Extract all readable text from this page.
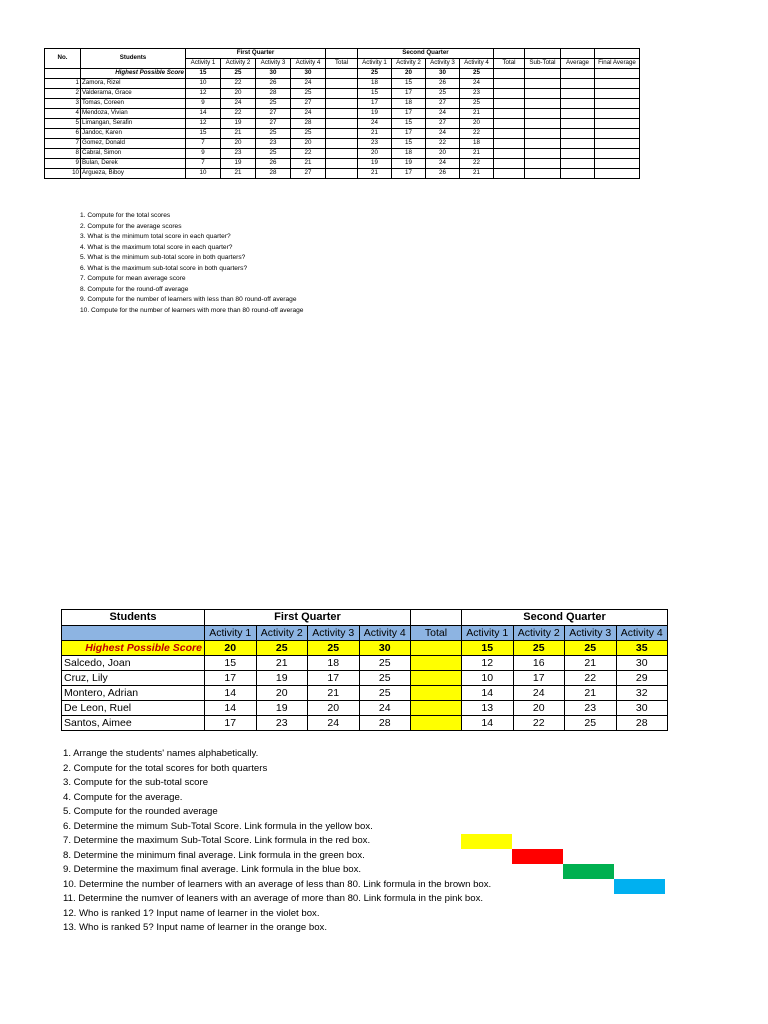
No.	Students	First Quarter					Second Quarter							
		Activity 1	Activity 2	Activity 3	Activity 4	Total	Activity 1	Activity 2	Activity 3	Activity 4	Total	Sub-Total	Average	Final Average
	Highest Possible Score	15	25	30	30		25	20	30	25				
1	Zamora, Rizel	10	22	26	24		18	15	26	24				
2	Valderama, Grace	12	20	28	25		15	17	25	23				
3	Tomas, Coreen	9	24	25	27		17	18	27	25				
4	Mendoza, Vivian	14	22	27	24		19	17	24	21				
5	Limangan, Serafin	12	19	27	28		24	15	27	20				
6	Jandoc, Karen	15	21	25	25		21	17	24	22				
7	Gomez, Donald	7	20	23	20		23	15	22	18				
8	Cabral, Simon	9	23	25	22		20	18	20	21				
9	Bulan, Derek	7	19	26	21		19	19	24	22				
10	Argueza, Biboy	10	21	28	27		21	17	26	21				
1. Compute for the total scores
2. Compute for the average scores
3. What is the minimum total score in each quarter?
4. What is the maximum total score in each quarter?
5. What is the minimum sub-total score in both quarters?
6. What is the maximum sub-total score in both quarters?
7. Compute for mean average score
8. Compute for the round-off average
9. Compute for the number of learners with less than 80 round-off average
10. Compute for the number of learners with more than 80 round-off average
Students	First Quarter					Second Quarter			
	Activity 1	Activity 2	Activity 3	Activity 4	Total	Activity 1	Activity 2	Activity 3	Activity 4
Highest Possible Score	20	25	25	30		15	25	25	35
Salcedo, Joan	15	21	18	25		12	16	21	30
Cruz, Lily	17	19	17	25		10	17	22	29
Montero, Adrian	14	20	21	25		14	24	21	32
De Leon, Ruel	14	19	20	24		13	20	23	30
Santos, Aimee	17	23	24	28		14	22	25	28
1. Arrange the students' names alphabetically.
2. Compute for the total scores for both quarters
3. Compute for the sub-total score
4. Compute for the average.
5. Compute for the rounded average
6. Determine the mimum Sub-Total Score. Link formula in the yellow box.
7. Determine the maximum Sub-Total Score. Link formula in the red box.
8. Determine the minimum final average. Link formula in the green box.
9. Determine the maximum final average. Link formula in the blue box.
10. Determine the number of learners with an average of less than 80. Link formula in the brown box.
11. Determine the numver of leaners with an average of more than 80. Link formula in the pink box.
12. Who is ranked 1? Input name of learner in the violet box.
13. Who is ranked 5? Input name of learner in the orange box.
